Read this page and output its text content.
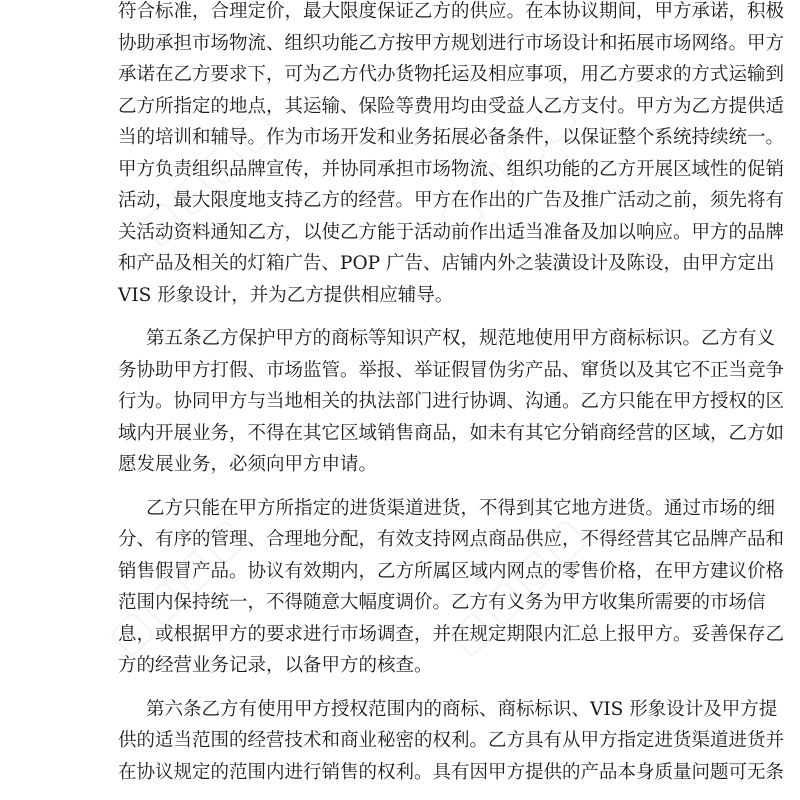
▢▢▢▢	▢▢▢▢
▢▢▢▢	▢▢▢▢
符合标准，合理定价，最大限度保证乙方的供应。在本协议期间，甲方承诺，积极
协助承担市场物流、组织功能乙方按甲方规划进行市场设计和拓展市场网络。甲方
承诺在乙方要求下，可为乙方代办货物托运及相应事项，用乙方要求的方式运输到
乙方所指定的地点，其运输、保险等费用均由受益人乙方支付。甲方为乙方提供适
当的培训和辅导。作为市场开发和业务拓展必备条件，以保证整个系统持续统一。
甲方负责组织品牌宣传，并协同承担市场物流、组织功能的乙方开展区域性的促销
活动，最大限度地支持乙方的经营。甲方在作出的广告及推广活动之前，须先将有
关活动资料通知乙方，以使乙方能于活动前作出适当准备及加以响应。甲方的品牌
和产品及相关的灯箱广告、POP 广告、店铺内外之装潢设计及陈设，由甲方定出
VIS 形象设计，并为乙方提供相应辅导。
第五条乙方保护甲方的商标等知识产权，规范地使用甲方商标标识。乙方有义
务协助甲方打假、市场监管。举报、举证假冒伪劣产品、窜货以及其它不正当竞争
行为。协同甲方与当地相关的执法部门进行协调、沟通。乙方只能在甲方授权的区
域内开展业务，不得在其它区域销售商品，如未有其它分销商经营的区域，乙方如
愿发展业务，必须向甲方申请。
乙方只能在甲方所指定的进货渠道进货，不得到其它地方进货。通过市场的细
分、有序的管理、合理地分配，有效支持网点商品供应，不得经营其它品牌产品和
销售假冒产品。协议有效期内，乙方所属区域内网点的零售价格，在甲方建议价格
范围内保持统一，不得随意大幅度调价。乙方有义务为甲方收集所需要的市场信
息，或根据甲方的要求进行市场调查，并在规定期限内汇总上报甲方。妥善保存乙
方的经营业务记录，以备甲方的核查。
第六条乙方有使用甲方授权范围内的商标、商标标识、VIS 形象设计及甲方提
供的适当范围的经营技术和商业秘密的权利。乙方具有从甲方指定进货渠道进货并
在协议规定的范围内进行销售的权利。具有因甲方提供的产品本身质量问题可无条
